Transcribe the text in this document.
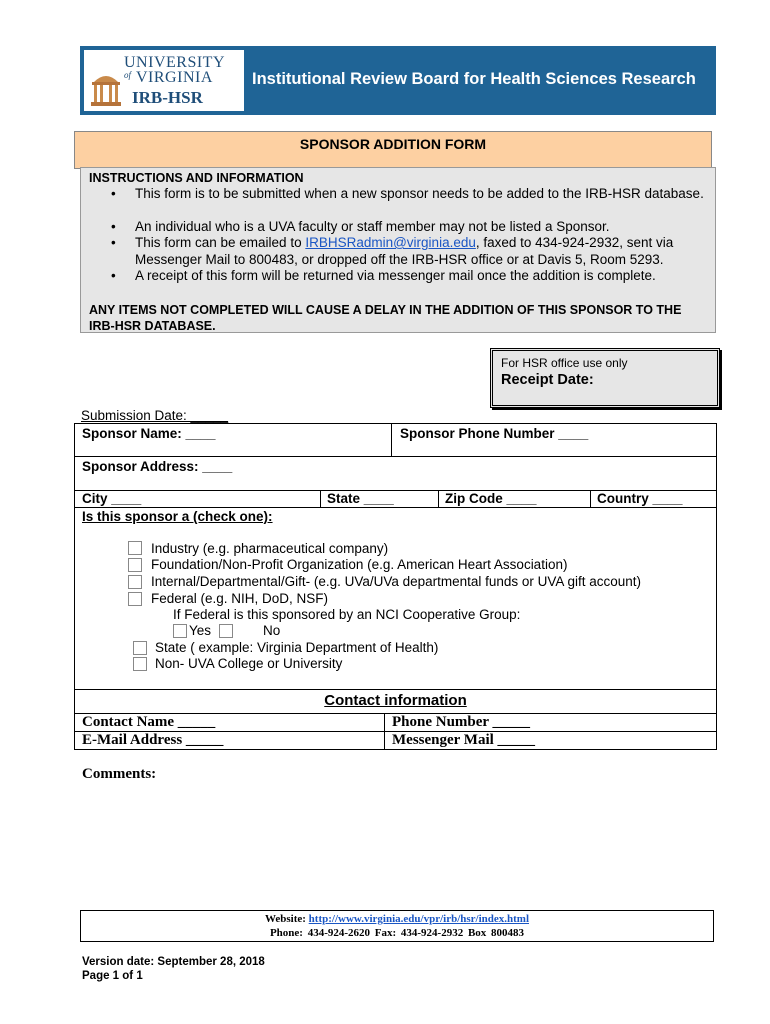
UNIVERSITY
of VIRGINIA
IRB-HSR
Institutional Review Board for Health Sciences Research
SPONSOR ADDITION FORM
INSTRUCTIONS AND INFORMATION
• This form is to be submitted when a new sponsor needs to be added to the IRB-HSR database.
• An individual who is a UVA faculty or staff member may not be listed a Sponsor.
• This form can be emailed to IRBHSRadmin@virginia.edu, faxed to 434-924-2932, sent via Messenger Mail to 800483, or dropped off the IRB-HSR office or at Davis 5, Room 5293.
• A receipt of this form will be returned via messenger mail once the addition is complete.
ANY ITEMS NOT COMPLETED WILL CAUSE A DELAY IN THE ADDITION OF THIS SPONSOR TO THE IRB-HSR DATABASE.
For HSR office use only
Receipt Date:
Submission Date: _____
Sponsor Name: ____	Sponsor Phone Number ____
Sponsor Address: ____
City ____	State ____	Zip Code ____	Country ____
Is this sponsor a (check one):
Industry (e.g. pharmaceutical company)
Foundation/Non-Profit Organization (e.g. American Heart Association)
Internal/Departmental/Gift- (e.g. UVa/UVa departmental funds or UVA gift account)
Federal (e.g. NIH, DoD, NSF)
If Federal is this sponsored by an NCI Cooperative Group:
Yes	No
State ( example: Virginia Department of Health)
Non- UVA College or University
Contact information
Contact Name _____	Phone Number _____
E-Mail Address _____	Messenger Mail _____
Comments:
Website: http://www.virginia.edu/vpr/irb/hsr/index.html
Phone: 434-924-2620 Fax: 434-924-2932 Box 800483
Version date: September 28, 2018
Page 1 of 1
